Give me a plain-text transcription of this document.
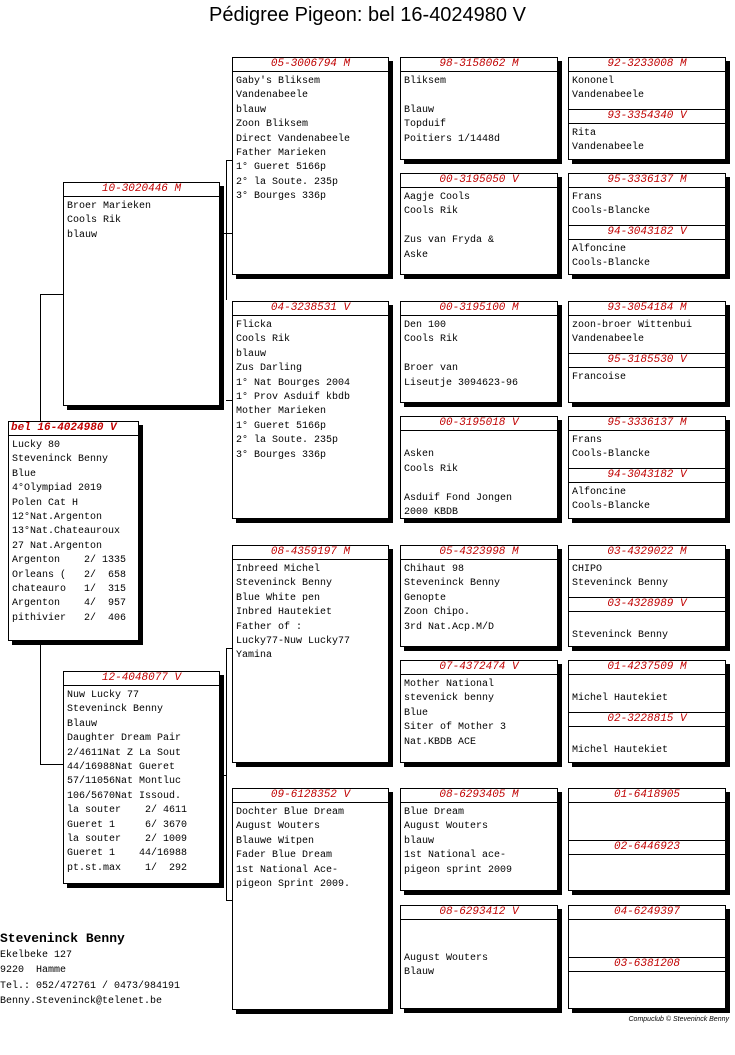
Pédigree Pigeon: bel 16-4024980 V
bel 16-4024980 V
Lucky 80
Steveninck Benny
Blue
4°Olympiad 2019
Polen Cat H
12°Nat.Argenton
13°Nat.Chateauroux
27 Nat.Argenton
Argenton    2/ 1335
Orleans (   2/  658
chateauro   1/  315
Argenton    4/  957
pithivier   2/  406
10-3020446 M
Broer Marieken
Cools Rik
blauw
12-4048077 V
Nuw Lucky 77
Steveninck Benny
Blauw
Daughter Dream Pair
2/4611Nat Z La Sout
44/16988Nat Gueret
57/11056Nat Montluc
106/5670Nat Issoud.
la souter    2/ 4611
Gueret 1     6/ 3670
la souter    2/ 1009
Gueret 1    44/16988
pt.st.max    1/  292
05-3006794 M
Gaby's Bliksem
Vandenabeele
blauw
Zoon Bliksem
Direct Vandenabeele
Father Marieken
1° Gueret 5166p
2° la Soute. 235p
3° Bourges 336p
04-3238531 V
Flicka
Cools Rik
blauw
Zus Darling
1° Nat Bourges 2004
1° Prov Asduif kbdb
Mother Marieken
1° Gueret 5166p
2° la Soute. 235p
3° Bourges 336p
08-4359197 M
Inbreed Michel
Steveninck Benny
Blue White pen
Inbred Hautekiet
Father of :
Lucky77-Nuw Lucky77
Yamina
09-6128352 V
Dochter Blue Dream
August Wouters
Blauwe Witpen
Fader Blue Dream
1st National Ace-
pigeon Sprint 2009.
98-3158062 M
Bliksem
Blauw
Topduif
Poitiers 1/1448d
00-3195050 V
Aagje Cools
Cools Rik
Zus van Fryda &
Aske
00-3195100 M
Den 100
Cools Rik
Broer van
Liseutje 3094623-96
00-3195018 V
Asken
Cools Rik
Asduif Fond Jongen
2000 KBDB
05-4323998 M
Chihaut 98
Steveninck Benny
Genopte
Zoon Chipo.
3rd Nat.Acp.M/D
07-4372474 V
Mother National
stevenick benny
Blue
Siter of Mother 3
Nat.KBDB ACE
08-6293405 M
Blue Dream
August Wouters
blauw
1st National ace-
pigeon sprint 2009
08-6293412 V
August Wouters
Blauw
92-3233008 M
Kononel
Vandenabeele
93-3354340 V
Rita
Vandenabeele
95-3336137 M
Frans
Cools-Blancke
94-3043182 V
Alfoncine
Cools-Blancke
93-3054184 M
zoon-broer Wittenbui
Vandenabeele
95-3185530 V
Francoise
95-3336137 M
Frans
Cools-Blancke
94-3043182 V
Alfoncine
Cools-Blancke
03-4329022 M
CHIPO
Steveninck Benny
03-4328989 V
Steveninck Benny
01-4237509 M
Michel Hautekiet
02-3228815 V
Michel Hautekiet
01-6418905
02-6446923
04-6249397
03-6381208
Steveninck Benny
Ekelbeke 127
9220  Hamme
Tel.: 052/472761 / 0473/984191
Benny.Steveninck@telenet.be
Compuclub © Steveninck Benny
